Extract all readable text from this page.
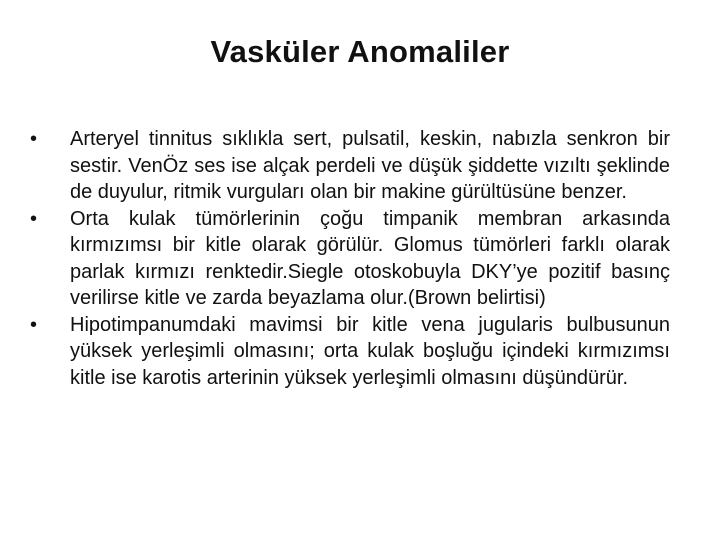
Vasküler Anomaliler
•	Arteryel tinnitus sıklıkla sert, pulsatil, keskin, nabızla senkron bir sestir. VenÖz ses ise alçak perdeli ve düşük şiddette vızıltı şeklinde de duyulur, ritmik vurguları olan bir makine gürültüsüne benzer.
•	Orta kulak tümörlerinin çoğu timpanik membran arkasında kırmızımsı bir kitle olarak görülür. Glomus tümörleri farklı olarak parlak kırmızı renktedir.Siegle otoskobuyla DKY’ye pozitif basınç verilirse kitle ve zarda beyazlama olur.(Brown belirtisi)
•	Hipotimpanumdaki mavimsi bir kitle vena jugularis bulbusunun yüksek yerleşimli olmasını; orta kulak boşluğu içindeki kırmızımsı kitle ise karotis arterinin yüksek yerleşimli olmasını düşündürür.
